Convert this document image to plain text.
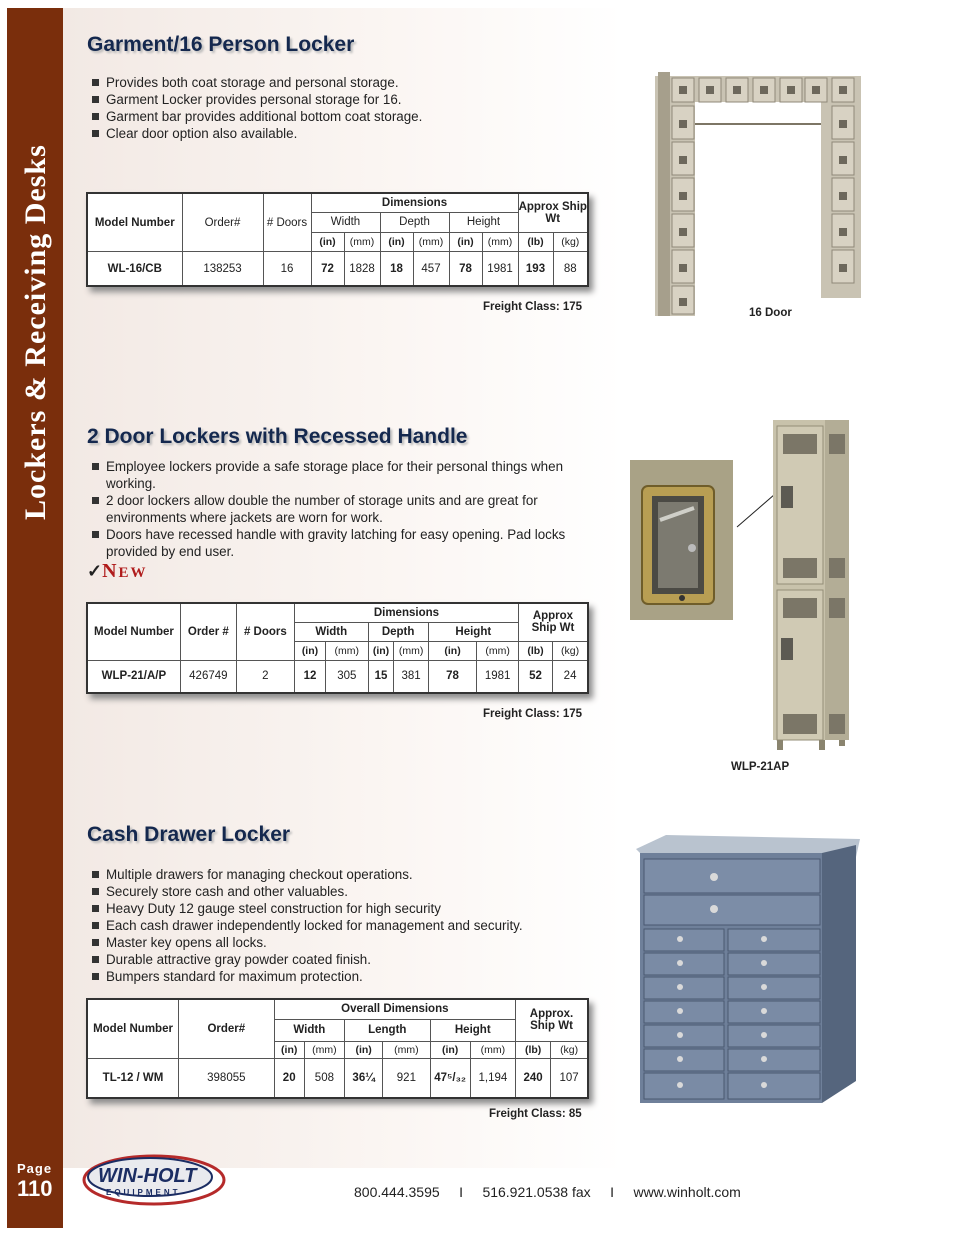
Lockers & Receiving Desks
Page
110
Garment/16 Person Locker
Provides both coat storage and personal storage.
Garment Locker provides personal storage for 16.
Garment bar provides additional bottom coat storage.
Clear door option also available.
Model Number	Order#	# Doors	Dimensions						Approx Ship Wt	
			Width		Depth		Height			
			(in)	(mm)	(in)	(mm)	(in)	(mm)	(lb)	(kg)
WL-16/CB	138253	16	72	1828	18	457	78	1981	193	88
Freight Class: 175	16 Door
2 Door Lockers with Recessed Handle
Employee lockers provide a safe storage place for their personal things when working.
2 door lockers allow double the number of storage units and are great for environments where jackets are worn for work.
Doors have recessed handle with gravity latching for easy opening. Pad locks provided by end user.
✓NEW
Model Number	Order #	# Doors	Dimensions						Approx Ship Wt	
			Width		Depth		Height			
			(in)	(mm)	(in)	(mm)	(in)	(mm)	(lb)	(kg)
WLP-21/A/P	426749	2	12	305	15	381	78	1981	52	24
Freight Class: 175
WLP-21AP
Cash Drawer Locker
Multiple drawers for managing checkout operations.
Securely store cash and other valuables.
Heavy Duty 12 gauge steel construction for high security
Each cash drawer independently locked for management and security.
Master key opens all locks.
Durable attractive gray powder coated finish.
Bumpers standard for maximum protection.
Model Number	Order#	Overall Dimensions						Approx. Ship Wt	
		Width		Length		Height			
		(in)	(mm)	(in)	(mm)	(in)	(mm)	(lb)	(kg)
TL-12 / WM	398055	20	508	36¼	921	47⁵/₃₂	1,194	240	107
Freight Class: 85
WIN-HOLT
EQUIPMENT	800.444.3595 I 516.921.0538 fax I www.winholt.com
